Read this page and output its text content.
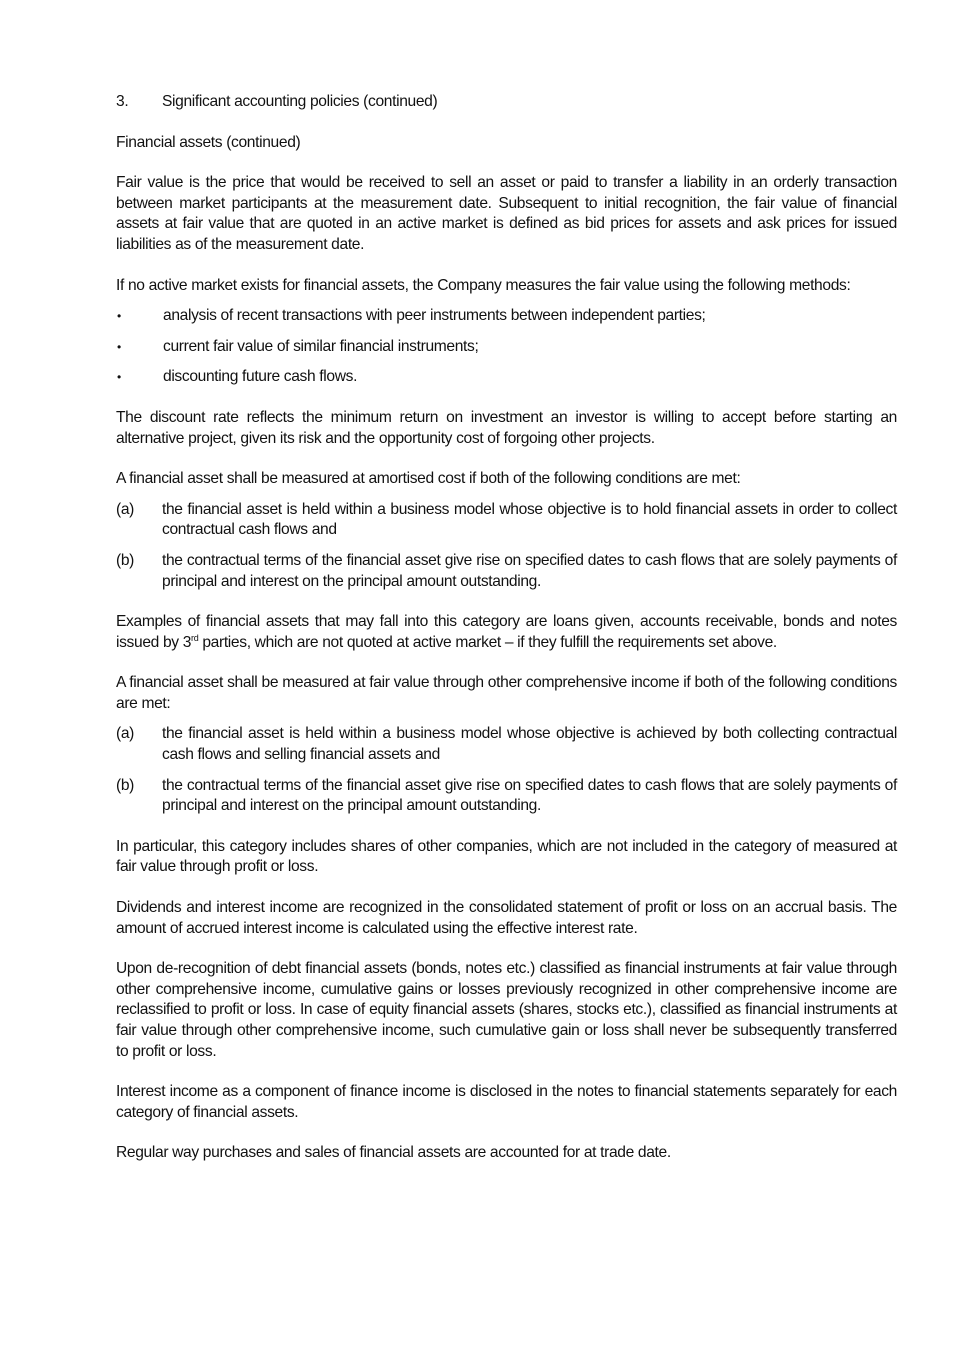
3.	Significant accounting policies (continued)
Financial assets (continued)

Fair value is the price that would be received to sell an asset or paid to transfer a liability in an orderly transaction between market participants at the measurement date. Subsequent to initial recognition, the fair value of financial assets at fair value that are quoted in an active market is defined as bid prices for assets and ask prices for issued liabilities as of the measurement date.

If no active market exists for financial assets, the Company measures the fair value using the following methods:

•	analysis of recent transactions with peer instruments between independent parties;
•	current fair value of similar financial instruments;
•	discounting future cash flows.

The discount rate reflects the minimum return on investment an investor is willing to accept before starting an alternative project, given its risk and the opportunity cost of forgoing other projects.

A financial asset shall be measured at amortised cost if both of the following conditions are met:

(a)	the financial asset is held within a business model whose objective is to hold financial assets in order to collect contractual cash flows and
(b)	the contractual terms of the financial asset give rise on specified dates to cash flows that are solely payments of principal and interest on the principal amount outstanding.

Examples of financial assets that may fall into this category are loans given, accounts receivable, bonds and notes issued by 3rd parties, which are not quoted at active market – if they fulfill the requirements set above.

A financial asset shall be measured at fair value through other comprehensive income if both of the following conditions are met:

(a)	the financial asset is held within a business model whose objective is achieved by both collecting contractual cash flows and selling financial assets and
(b)	the contractual terms of the financial asset give rise on specified dates to cash flows that are solely payments of principal and interest on the principal amount outstanding.

In particular, this category includes shares of other companies, which are not included in the category of measured at fair value through profit or loss.

Dividends and interest income are recognized in the consolidated statement of profit or loss on an accrual basis. The amount of accrued interest income is calculated using the effective interest rate.

Upon de-recognition of debt financial assets (bonds, notes etc.) classified as financial instruments at fair value through other comprehensive income, cumulative gains or losses previously recognized in other comprehensive income are reclassified to profit or loss. In case of equity financial assets (shares, stocks etc.), classified as financial instruments at fair value through other comprehensive income, such cumulative gain or loss shall never be subsequently transferred to profit or loss.

Interest income as a component of finance income is disclosed in the notes to financial statements separately for each category of financial assets.

Regular way purchases and sales of financial assets are accounted for at trade date.
